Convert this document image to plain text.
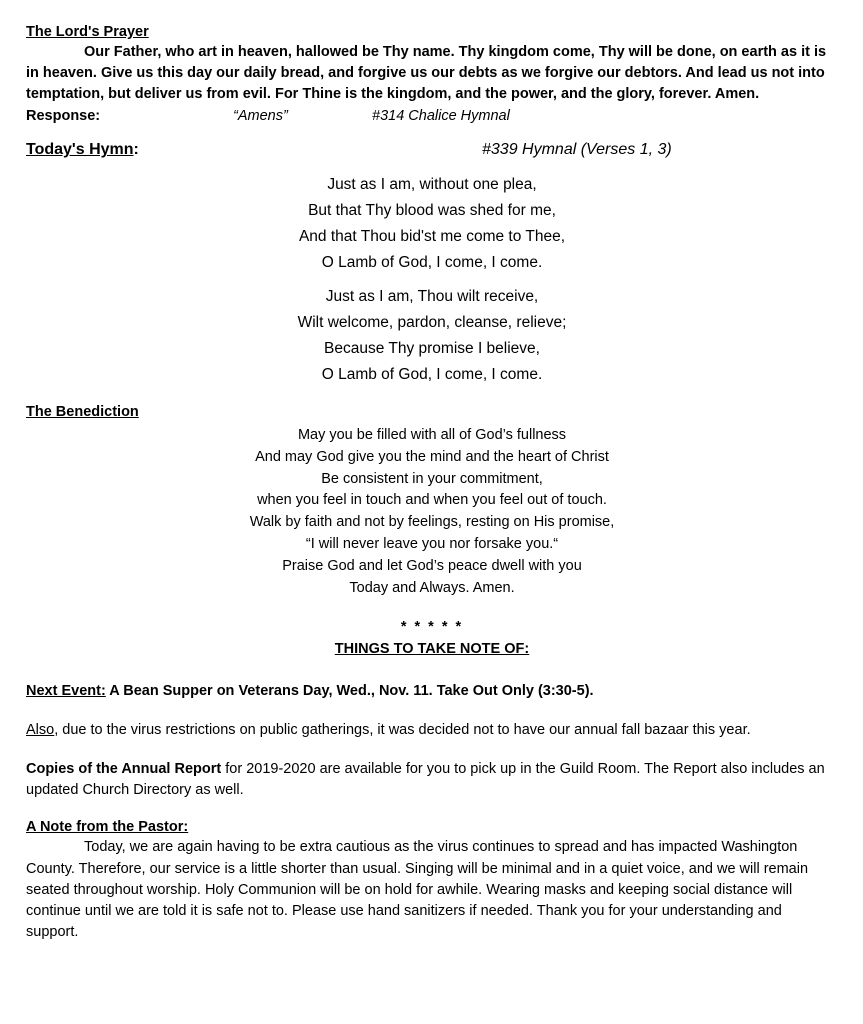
The Lord's Prayer

Our Father, who art in heaven, hallowed be Thy name. Thy kingdom come, Thy will be done, on earth as it is in heaven. Give us this day our daily bread, and forgive us our debts as we forgive our debtors. And lead us not into temptation, but deliver us from evil. For Thine is the kingdom, and the power, and the glory, forever. Amen.

Response:	“Amens”	#314 Chalice Hymnal
Today's Hymn:	#339 Hymnal (Verses 1, 3)
Just as I am, without one plea,
But that Thy blood was shed for me,
And that Thou bid'st me come to Thee,
O Lamb of God, I come, I come.
Just as I am, Thou wilt receive,
Wilt welcome, pardon, cleanse, relieve;
Because Thy promise I believe,
O Lamb of God, I come, I come.

The Benediction

May you be filled with all of God’s fullness
And may God give you the mind and the heart of Christ
Be consistent in your commitment,
when you feel in touch and when you feel out of touch.
Walk by faith and not by feelings, resting on His promise,
“I will never leave you nor forsake you.“
Praise God and let God’s peace dwell with you
Today and Always. Amen.
* * * * *
THINGS TO TAKE NOTE OF:

Next Event: A Bean Supper on Veterans Day, Wed., Nov. 11. Take Out Only (3:30-5).

Also, due to the virus restrictions on public gatherings, it was decided not to have our annual fall bazaar this year.

Copies of the Annual Report for 2019-2020 are available for you to pick up in the Guild Room. The Report also includes an updated Church Directory as well.

A Note from the Pastor:

Today, we are again having to be extra cautious as the virus continues to spread and has impacted Washington County. Therefore, our service is a little shorter than usual. Singing will be minimal and in a quiet voice, and we will remain seated throughout worship. Holy Communion will be on hold for awhile. Wearing masks and keeping social distance will continue until we are told it is safe not to. Please use hand sanitizers if needed. Thank you for your understanding and support.
